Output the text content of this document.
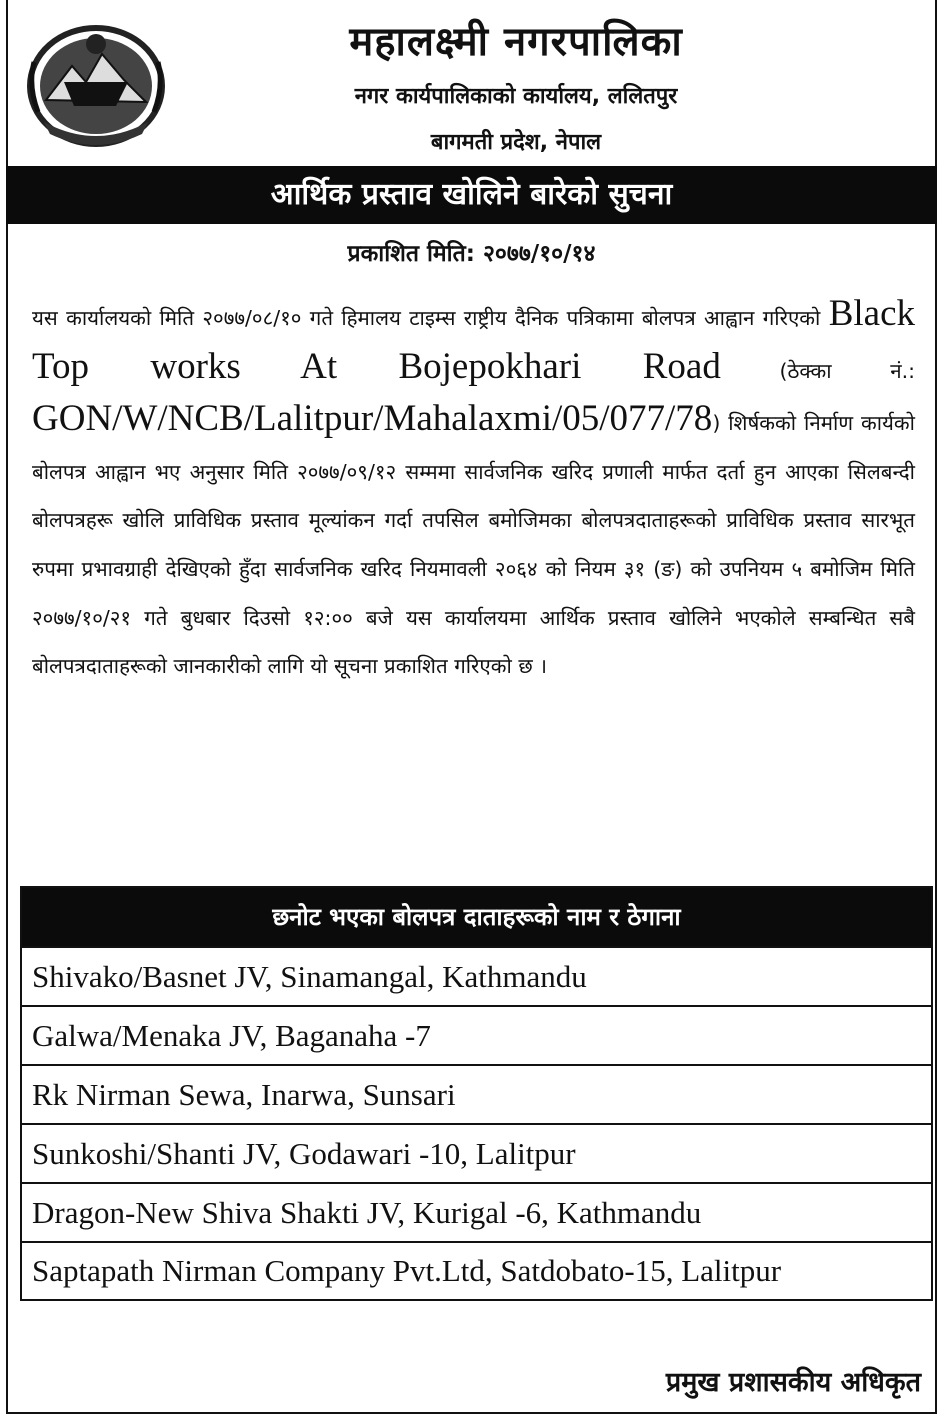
महालक्ष्मी नगरपालिका
नगर कार्यपालिकाको कार्यालय, ललितपुर
बागमती प्रदेश, नेपाल
आर्थिक प्रस्ताव खोलिने बारेको सुचना
प्रकाशित मिति: २०७७/१०/१४
यस कार्यालयको मिति २०७७/०८/१० गते हिमालय टाइम्स राष्ट्रीय दैनिक पत्रिकामा बोलपत्र आह्वान गरिएको Black Top works At Bojepokhari Road	(ठेक्का नं.: GON/W/NCB/Lalitpur/Mahalaxmi/05/077/78) शिर्षकको निर्माण कार्यको बोलपत्र आह्वान भए अनुसार मिति २०७७/०९/१२ सम्ममा सार्वजनिक खरिद प्रणाली मार्फत दर्ता हुन आएका सिलबन्दी बोलपत्रहरू खोलि प्राविधिक प्रस्ताव मूल्यांकन गर्दा तपसिल बमोजिमका बोलपत्रदाताहरूको प्राविधिक प्रस्ताव सारभूत रुपमा प्रभावग्राही देखिएको हुँदा सार्वजनिक खरिद नियमावली २०६४ को नियम ३१ (ङ) को उपनियम ५ बमोजिम मिति २०७७/१०/२१ गते बुधबार दिउसो १२:०० बजे यस कार्यालयमा आर्थिक प्रस्ताव खोलिने भएकोले सम्बन्धित सबै बोलपत्रदाताहरूको जानकारीको लागि यो सूचना प्रकाशित गरिएको छ ।
छनोट भएका बोलपत्र दाताहरूको नाम र ठेगाना
Shivako/Basnet JV, Sinamangal, Kathmandu
Galwa/Menaka JV, Baganaha -7
Rk Nirman Sewa, Inarwa, Sunsari
Sunkoshi/Shanti JV, Godawari -10, Lalitpur
Dragon-New Shiva Shakti JV, Kurigal -6, Kathmandu
Saptapath Nirman Company Pvt.Ltd, Satdobato-15, Lalitpur
प्रमुख प्रशासकीय अधिकृत
